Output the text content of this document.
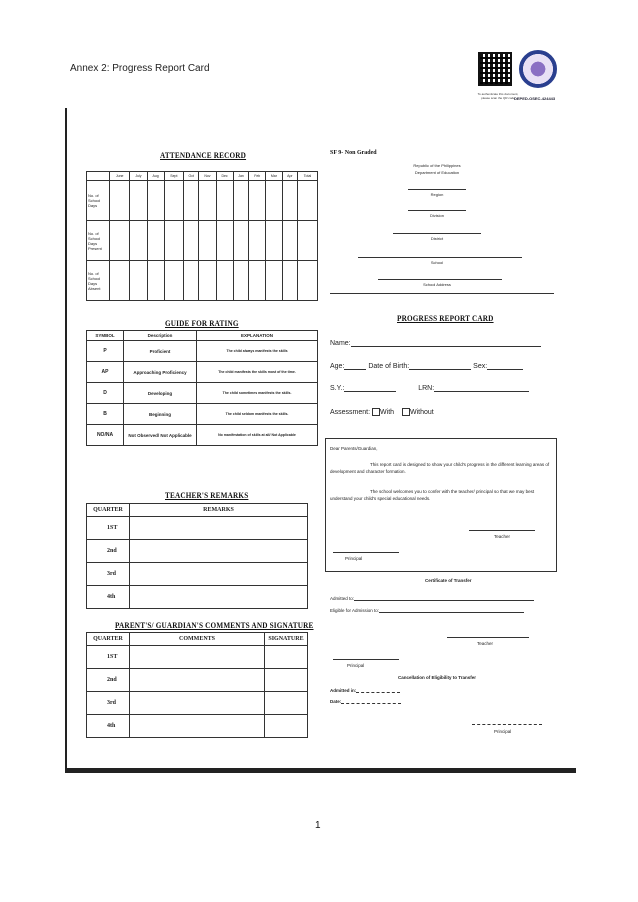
Annex 2: Progress Report Card
To authenticate this document, please scan the QR code DEPED-OSEC-424443
1
ATTENDANCE RECORD
	June	July	Aug	Sept	Oct	Nov	Dec	Jan	Feb	Mar	Apr	Total
No. of School Days												
No. of School Days Present												
No. of School Days Absent												
GUIDE FOR RATING
SYMBOL	Description	EXPLANATION
P	Proficient	The child always manifests the skills
AP	Approaching Proficiency	The child manifests the skills most of the time.
D	Developing	The child sometimes manifests the skills.
B	Beginning	The child seldom manifests the skills.
NO/NA	Not Observed/ Not Applicable	No manifestation of skills at all/ Not Applicable
TEACHER'S REMARKS
QUARTER	REMARKS
1ST	
2nd	
3rd	
4th	
PARENT'S/ GUARDIAN'S COMMENTS AND SIGNATURE
QUARTER	COMMENTS	SIGNATURE
1ST		
2nd		
3rd		
4th		
SF 9- Non Graded
Republic of the Philippines
Department of Education
Region
Division
District
School
School Address
PROGRESS REPORT CARD
Name:
Age:	Date of Birth:	Sex:
S.Y.:	LRN:
Assessment: With Without
Dear Parents/Guardian,
This report card is designed to show your child's progress in the different learning areas of development and character formation.
The school welcomes you to confer with the teacher/ principal so that we may best understand your child's special educational needs.
Teacher
Principal
Certificate of Transfer
Admitted to:
Eligible for Admission to:
Teacher
Principal
Cancellation of Eligibility to Transfer
Admitted in:
Date:
Principal
